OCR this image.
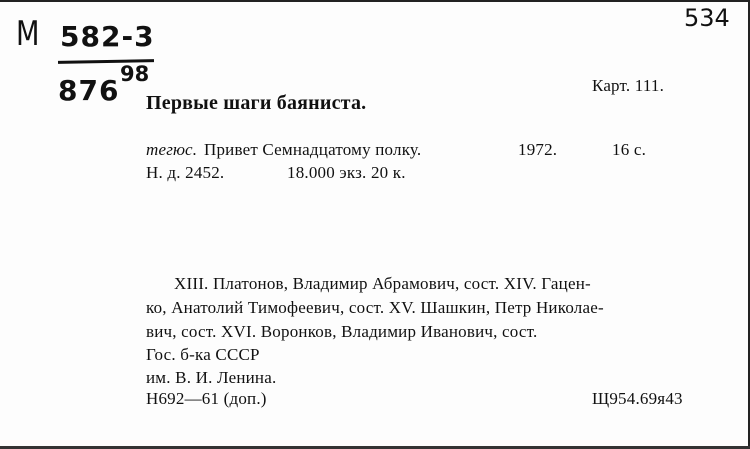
М 582-3
876 98
534
Карт. 111.
Первые шаги баяниста.
тегюс. Привет Семнадцатому полку.	1972.	16 с.
Н. д. 2452.	18.000 экз. 20 к.
XIII. Платонов, Владимир Абрамович, сост. XIV. Гацен-
ко, Анатолий Тимофеевич, сост. XV. Шашкин, Петр Николае-
вич, сост. XVI. Воронков, Владимир Иванович, сост.
Гос. б-ка СССР
им. В. И. Ленина.
Н692—61 (доп.)	Щ954.69я43
